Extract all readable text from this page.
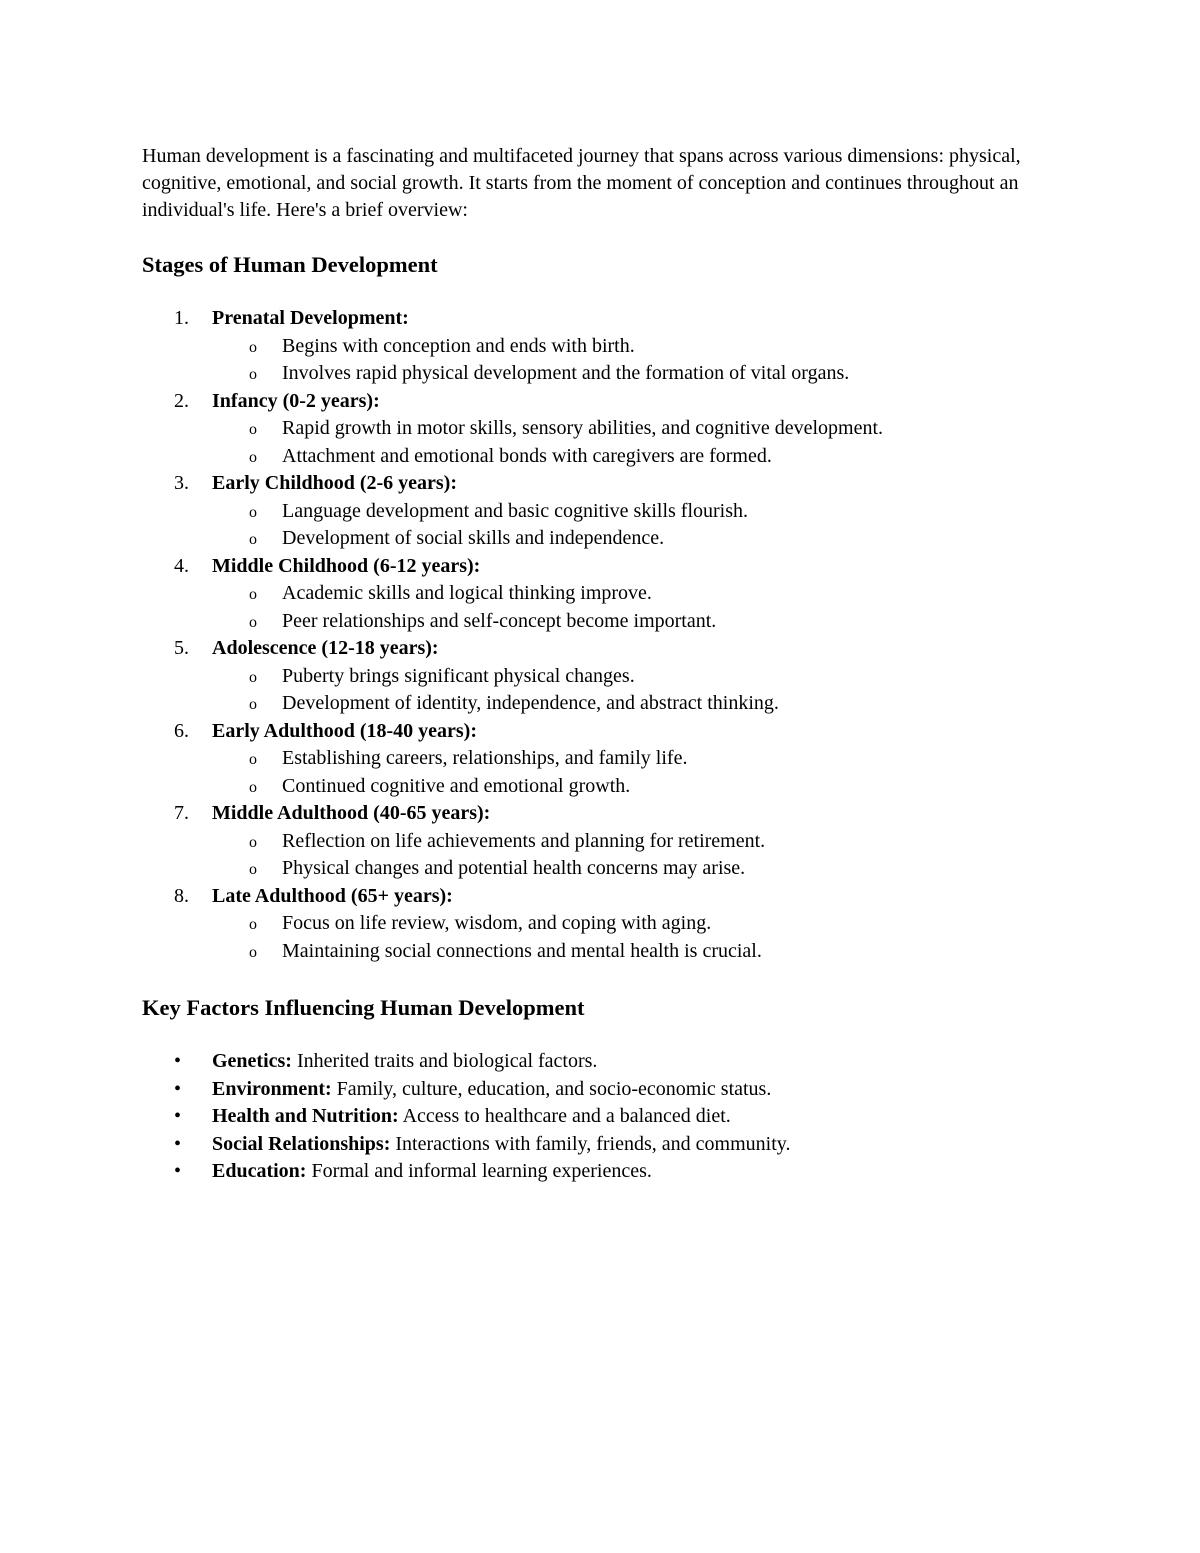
Human development is a fascinating and multifaceted journey that spans across various dimensions: physical, cognitive, emotional, and social growth. It starts from the moment of conception and continues throughout an individual's life. Here's a brief overview:

Stages of Human Development
1. Prenatal Development:
o Begins with conception and ends with birth.
o Involves rapid physical development and the formation of vital organs.
2. Infancy (0-2 years):
o Rapid growth in motor skills, sensory abilities, and cognitive development.
o Attachment and emotional bonds with caregivers are formed.
3. Early Childhood (2-6 years):
o Language development and basic cognitive skills flourish.
o Development of social skills and independence.
4. Middle Childhood (6-12 years):
o Academic skills and logical thinking improve.
o Peer relationships and self-concept become important.
5. Adolescence (12-18 years):
o Puberty brings significant physical changes.
o Development of identity, independence, and abstract thinking.
6. Early Adulthood (18-40 years):
o Establishing careers, relationships, and family life.
o Continued cognitive and emotional growth.
7. Middle Adulthood (40-65 years):
o Reflection on life achievements and planning for retirement.
o Physical changes and potential health concerns may arise.
8. Late Adulthood (65+ years):
o Focus on life review, wisdom, and coping with aging.
o Maintaining social connections and mental health is crucial.
Key Factors Influencing Human Development
• Genetics: Inherited traits and biological factors.
• Environment: Family, culture, education, and socio-economic status.
• Health and Nutrition: Access to healthcare and a balanced diet.
• Social Relationships: Interactions with family, friends, and community.
• Education: Formal and informal learning experiences.
